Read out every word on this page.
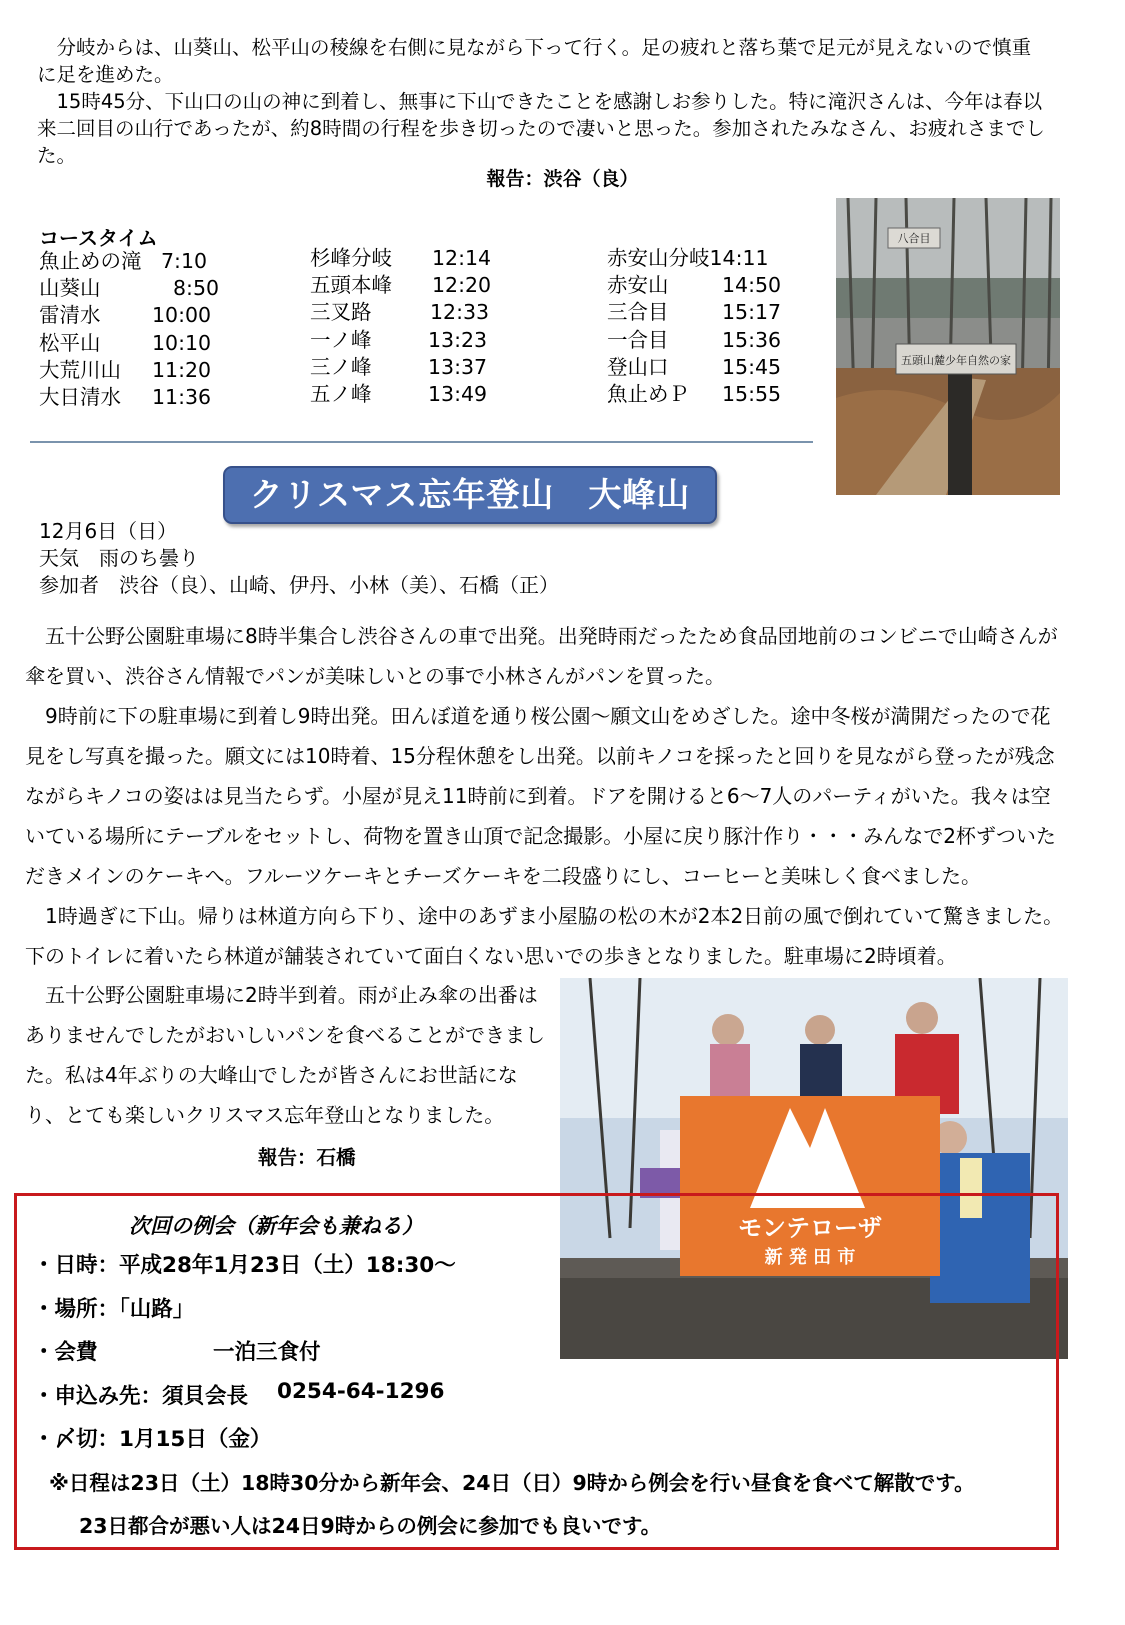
　分岐からは、山葵山、松平山の稜線を右側に見ながら下って行く。足の疲れと落ち葉で足元が見えないので慎重に足を進めた。

　15時45分、下山口の山の神に到着し、無事に下山できたことを感謝しお参りした。特に滝沢さんは、今年は春以来二回目の山行であったが、約8時間の行程を歩き切ったので凄いと思った。参加されたみなさん、お疲れさまでした。

報告：渋谷（良）
コースタイム
魚止めの滝 7:10
山葵山	8:50
雷清水	10:00
松平山	10:10
大荒川山	11:20
大日清水	11:36
杉峰分岐	12:14
五頭本峰	12:20
三叉路	12:33
一ノ峰	13:23
三ノ峰	13:37
五ノ峰	13:49
赤安山分岐 14:11
赤安山	14:50
三合目	15:17
一合目	15:36
登山口	15:45
魚止めＰ	15:55
八合目
五頭山麓少年自然の家
クリスマス忘年登山　大峰山
12月6日（日）
天気　雨のち曇り
参加者　渋谷（良）、山崎、伊丹、小林（美）、石橋（正）

　五十公野公園駐車場に8時半集合し渋谷さんの車で出発。出発時雨だったため食品団地前のコンビニで山崎さんが傘を買い、渋谷さん情報でパンが美味しいとの事で小林さんがパンを買った。

　9時前に下の駐車場に到着し9時出発。田んぼ道を通り桜公園～願文山をめざした。途中冬桜が満開だったので花見をし写真を撮った。願文には10時着、15分程休憩をし出発。以前キノコを採ったと回りを見ながら登ったが残念ながらキノコの姿はは見当たらず。小屋が見え11時前に到着。ドアを開けると6～7人のパーティがいた。我々は空いている場所にテーブルをセットし、荷物を置き山頂で記念撮影。小屋に戻り豚汁作り・・・みんなで2杯ずついただきメインのケーキへ。フルーツケーキとチーズケーキを二段盛りにし、コーヒーと美味しく食べました。

　1時過ぎに下山。帰りは林道方向ら下り、途中のあずま小屋脇の松の木が2本2日前の風で倒れていて驚きました。下のトイレに着いたら林道が舗装されていて面白くない思いでの歩きとなりました。駐車場に2時頃着。

　五十公野公園駐車場に2時半到着。雨が止み傘の出番はありませんでしたがおいしいパンを食べることができました。私は4年ぶりの大峰山でしたが皆さんにお世話になり、とても楽しいクリスマス忘年登山となりました。

報告：石橋
モンテローザ
新 発 田 市
次回の例会（新年会も兼ねる）
・日時：平成28年1月23日（土）18:30～
・場所：「山路」
・会費	一泊三食付
・申込み先：須貝会長 0254-64-1296
・〆切：1月15日（金）
※日程は23日（土）18時30分から新年会、24日（日）9時から例会を行い昼食を食べて解散です。
23日都合が悪い人は24日9時からの例会に参加でも良いです。
